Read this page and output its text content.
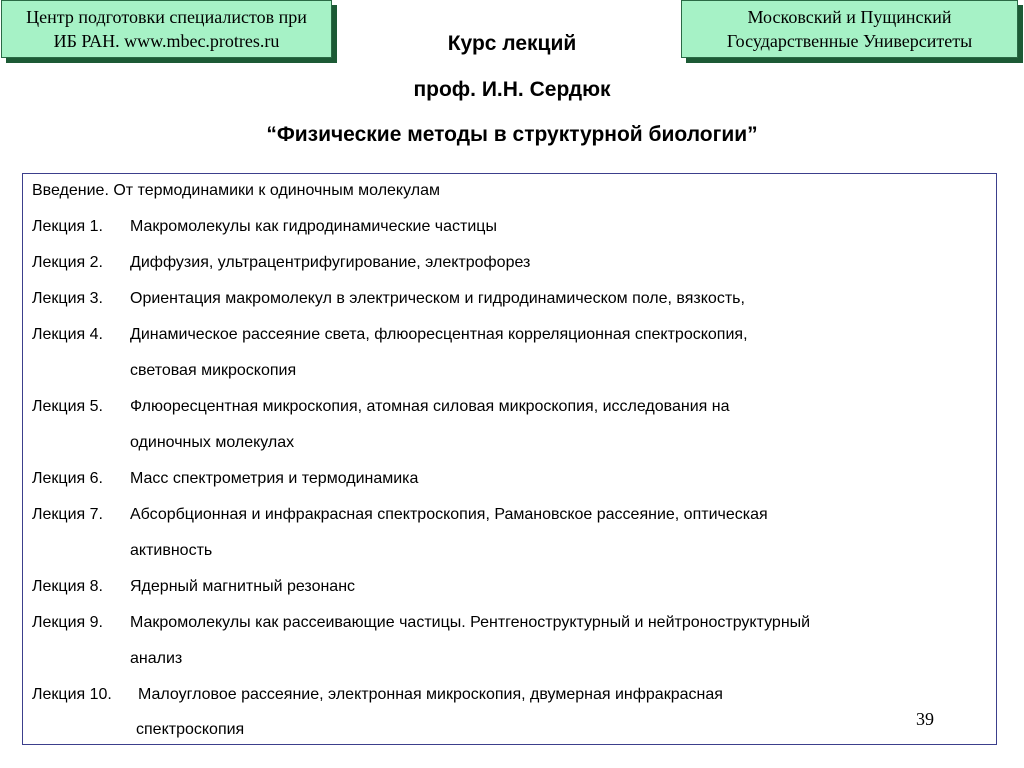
Центр подготовки специалистов при
ИБ РАН. www.mbec.protres.ru
Московский и Пущинский
Государственные Университеты
Курс лекций
проф. И.Н. Сердюк
“Физические методы в структурной биологии”
Введение. От термодинамики к одиночным молекулам
Лекция 1. Макромолекулы как гидродинамические частицы
Лекция 2. Диффузия, ультрацентрифугирование, электрофорез
Лекция 3. Ориентация макромолекул в электрическом и гидродинамическом поле, вязкость,
Лекция 4. Динамическое рассеяние света, флюоресцентная корреляционная спектроскопия,
световая микроскопия
Лекция 5. Флюоресцентная микроскопия, атомная силовая микроскопия, исследования на
одиночных молекулах
Лекция 6. Масс спектрометрия и термодинамика
Лекция 7. Абсорбционная и инфракрасная спектроскопия, Рамановское рассеяние, оптическая
активность
Лекция 8. Ядерный магнитный резонанс
Лекция 9. Макромолекулы как рассеивающие частицы. Рентгеноструктурный и нейтроноструктурный
анализ
Лекция 10. Малоугловое рассеяние, электронная микроскопия, двумерная инфракрасная
спектроскопия
39
